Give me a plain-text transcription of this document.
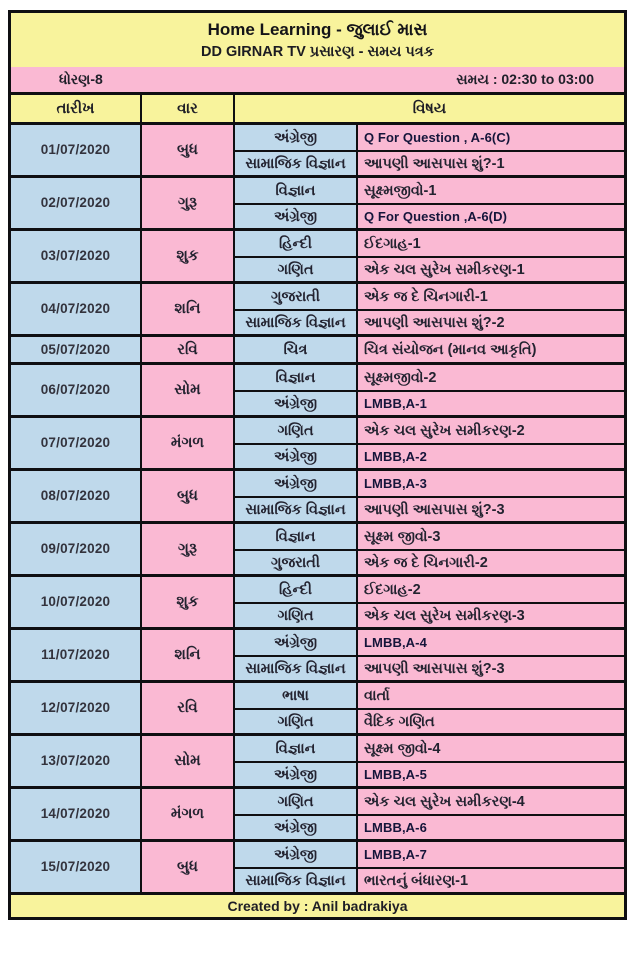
Home Learning - જુલાઈ માસ
DD GIRNAR TV પ્રસારણ - સમય પત્રક
ધોરણ-8	સમય : 02:30 to 03:00
તારીખ	વાર	વિષય
01/07/2020	બુધ
અંગ્રેજી	Q For Question , A-6(C)
સામાજિક વિજ્ઞાન	આપણી આસપાસ શું?-1
02/07/2020	ગુરૂ
વિજ્ઞાન	સૂક્ષ્મજીવો-1
અંગ્રેજી	Q For Question ,A-6(D)
03/07/2020	શુક
હિન્દી	ઈદગાહ-1
ગણિત	એક ચલ સુરેખ સમીકરણ-1
04/07/2020	શનિ
ગુજરાતી	એક જ દે ચિનગારી-1
સામાજિક વિજ્ઞાન	આપણી આસપાસ શું?-2
05/07/2020	રવિ	ચિત્ર	ચિત્ર સંયોજન (માનવ આકૃતિ)
06/07/2020	સોમ
વિજ્ઞાન	સૂક્ષ્મજીવો-2
અંગ્રેજી	LMBB,A-1
07/07/2020	મંગળ
ગણિત	એક ચલ સુરેખ સમીકરણ-2
અંગ્રેજી	LMBB,A-2
08/07/2020	બુધ
અંગ્રેજી	LMBB,A-3
સામાજિક વિજ્ઞાન	આપણી આસપાસ શું?-3
09/07/2020	ગુરૂ
વિજ્ઞાન	સૂક્ષ્મ જીવો-3
ગુજરાતી	એક જ દે ચિનગારી-2
10/07/2020	શુક
હિન્દી	ઈદગાહ-2
ગણિત	એક ચલ સુરેખ સમીકરણ-3
11/07/2020	શનિ
અંગ્રેજી	LMBB,A-4
સામાજિક વિજ્ઞાન	આપણી આસપાસ શું?-3
12/07/2020	રવિ
ભાષા	વાર્તા
ગણિત	વૈદિક ગણિત
13/07/2020	સોમ
વિજ્ઞાન	સૂક્ષ્મ જીવો-4
અંગ્રેજી	LMBB,A-5
14/07/2020	મંગળ
ગણિત	એક ચલ સુરેખ સમીકરણ-4
અંગ્રેજી	LMBB,A-6
15/07/2020	બુધ
અંગ્રેજી	LMBB,A-7
સામાજિક વિજ્ઞાન	ભારતનું બંધારણ-1
Created by : Anil badrakiya
